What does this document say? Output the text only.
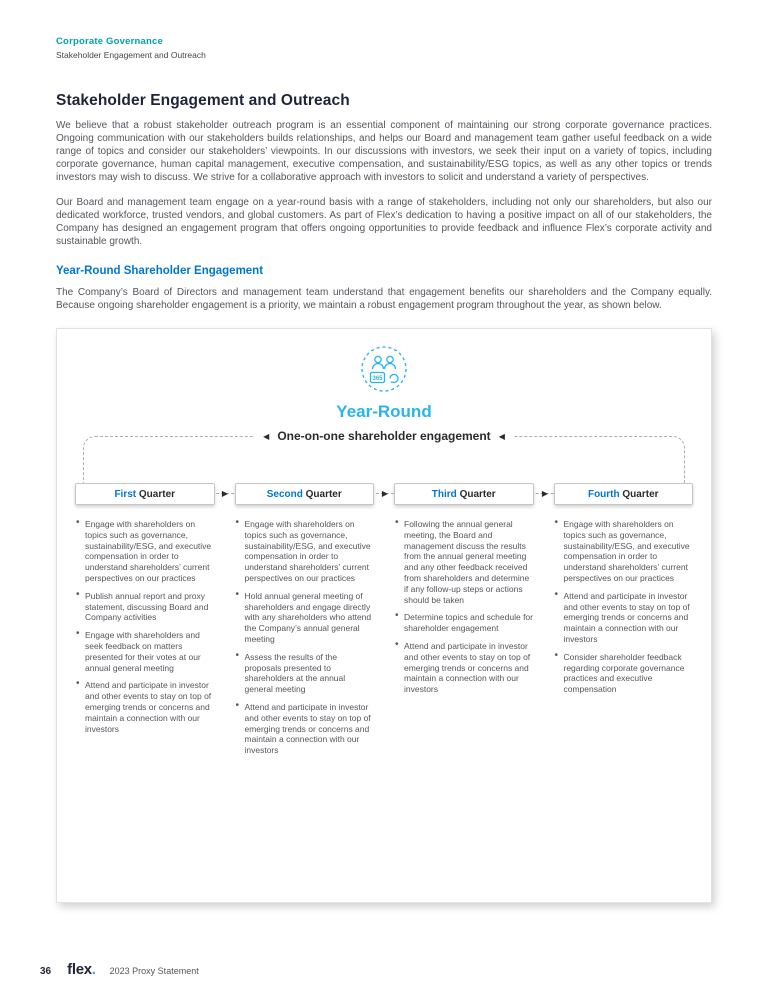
Corporate Governance
Stakeholder Engagement and Outreach
Stakeholder Engagement and Outreach

We believe that a robust stakeholder outreach program is an essential component of maintaining our strong corporate governance practices. Ongoing communication with our stakeholders builds relationships, and helps our Board and management team gather useful feedback on a wide range of topics and consider our stakeholders’ viewpoints. In our discussions with investors, we seek their input on a variety of topics, including corporate governance, human capital management, executive compensation, and sustainability/ESG topics, as well as any other topics or trends investors may wish to discuss. We strive for a collaborative approach with investors to solicit and understand a variety of perspectives.

Our Board and management team engage on a year-round basis with a range of stakeholders, including not only our shareholders, but also our dedicated workforce, trusted vendors, and global customers. As part of Flex’s dedication to having a positive impact on all of our stakeholders, the Company has designed an engagement program that offers ongoing opportunities to provide feedback and influence Flex’s corporate activity and sustainable growth.

Year-Round Shareholder Engagement

The Company’s Board of Directors and management team understand that engagement benefits our shareholders and the Company equally. Because ongoing shareholder engagement is a priority, we maintain a robust engagement program throughout the year, as shown below.

365
Year-Round
◀ One-on-one shareholder engagement ◀
First Quarter
• Engage with shareholders on topics such as governance, sustainability/ESG, and executive compensation in order to understand shareholders’ current perspectives on our practices
• Publish annual report and proxy statement, discussing Board and Company activities
• Engage with shareholders and seek feedback on matters presented for their votes at our annual general meeting
• Attend and participate in investor and other events to stay on top of emerging trends or concerns and maintain a connection with our investors
Second Quarter
• Engage with shareholders on topics such as governance, sustainability/ESG, and executive compensation in order to understand shareholders’ current perspectives on our practices
• Hold annual general meeting of shareholders and engage directly with any shareholders who attend the Company’s annual general meeting
• Assess the results of the proposals presented to shareholders at the annual general meeting
• Attend and participate in investor and other events to stay on top of emerging trends or concerns and maintain a connection with our investors
Third Quarter
• Following the annual general meeting, the Board and management discuss the results from the annual general meeting and any other feedback received from shareholders and determine if any follow-up steps or actions should be taken
• Determine topics and schedule for shareholder engagement
• Attend and participate in investor and other events to stay on top of emerging trends or concerns and maintain a connection with our investors
Fourth Quarter
• Engage with shareholders on topics such as governance, sustainability/ESG, and executive compensation in order to understand shareholders’ current perspectives on our practices
• Attend and participate in investor and other events to stay on top of emerging trends or concerns and maintain a connection with our investors
• Consider shareholder feedback regarding corporate governance practices and executive compensation
▶	▶	▶
36 flex. 2023 Proxy Statement
